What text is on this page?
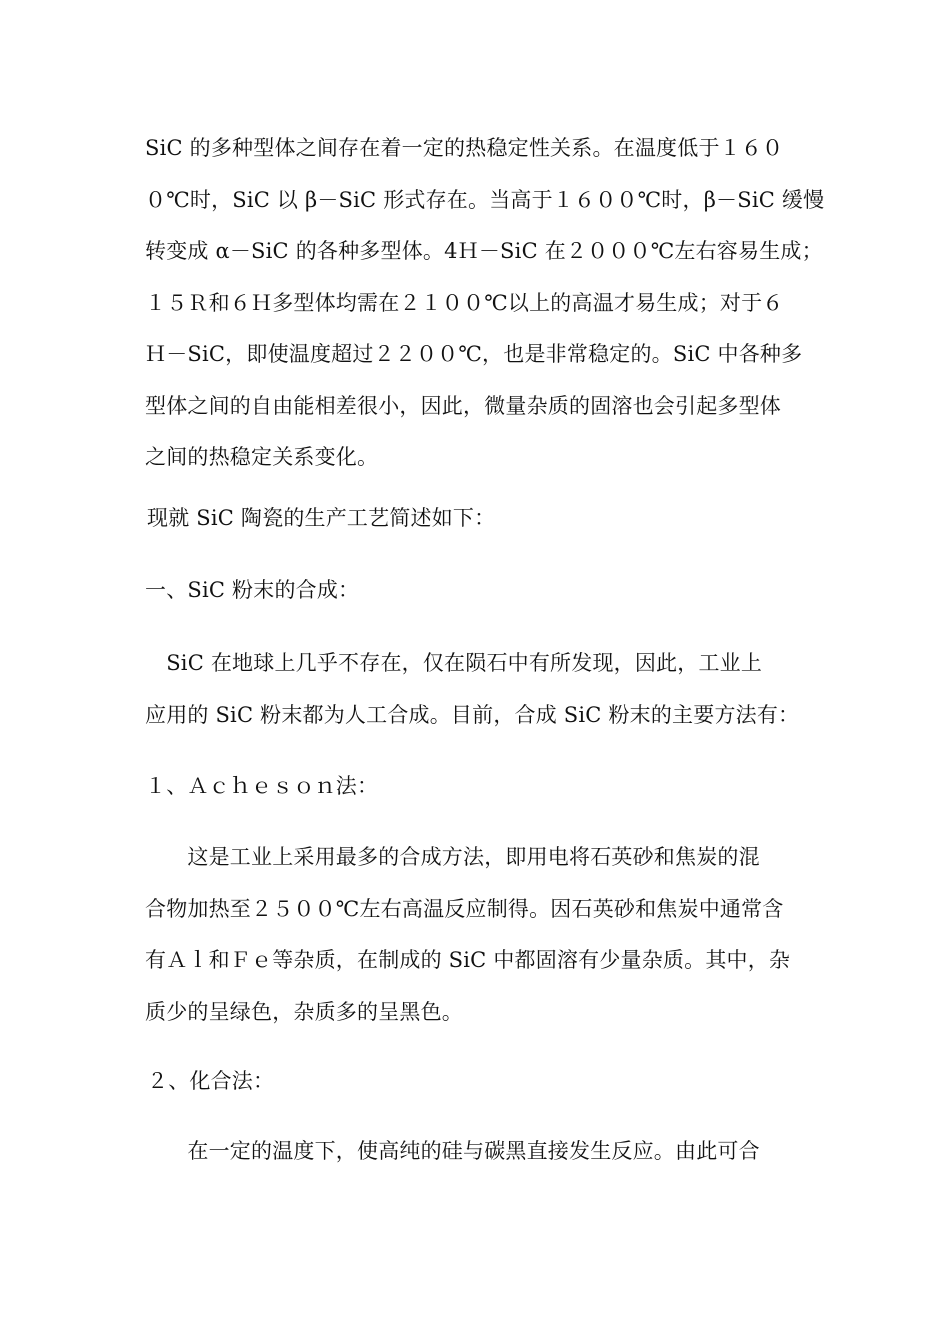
SiC 的多种型体之间存在着一定的热稳定性关系。在温度低于１６０
０℃时，SiC 以 β－SiC 形式存在。当高于１６００℃时，β－SiC 缓慢
转变成 α－SiC 的各种多型体。4Ｈ－SiC 在２０００℃左右容易生成；
１５Ｒ和６Ｈ多型体均需在２１００℃以上的高温才易生成；对于６
Ｈ－SiC，即使温度超过２２００℃，也是非常稳定的。SiC 中各种多
型体之间的自由能相差很小，因此，微量杂质的固溶也会引起多型体
之间的热稳定关系变化。
现就 SiC 陶瓷的生产工艺简述如下：
一、SiC 粉末的合成：
　SiC 在地球上几乎不存在，仅在陨石中有所发现，因此，工业上
应用的 SiC 粉末都为人工合成。目前，合成 SiC 粉末的主要方法有：
１、Ａｃｈｅｓｏｎ法：
　　这是工业上采用最多的合成方法，即用电将石英砂和焦炭的混
合物加热至２５００℃左右高温反应制得。因石英砂和焦炭中通常含
有Ａｌ和Ｆｅ等杂质，在制成的 SiC 中都固溶有少量杂质。其中，杂
质少的呈绿色，杂质多的呈黑色。
２、化合法：
　　在一定的温度下，使高纯的硅与碳黑直接发生反应。由此可合
